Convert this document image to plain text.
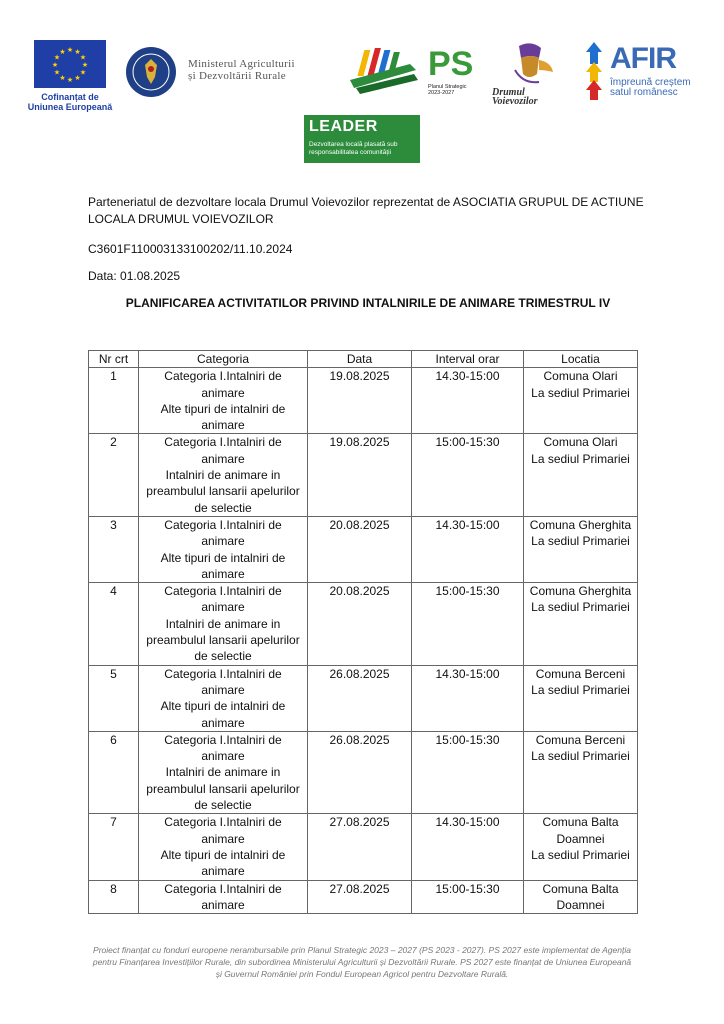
★ ★
★
★
★
★
★
★
★
★
★
★
Cofinanțat de
Uniunea Europeană
Ministerul Agriculturii
și Dezvoltării Rurale	PS
Planul Strategic
2023-2027	Drumul
Voievozilor
AFIR
împreună creștem
satul românesc
LEADER
Dezvoltarea locală plasată sub responsabilitatea comunității
Parteneriatul de dezvoltare locala Drumul Voievozilor reprezentat de ASOCIATIA GRUPUL DE ACTIUNE LOCALA DRUMUL VOIEVOZILOR
C3601F110003133100202/11.10.2024
Data: 01.08.2025
PLANIFICAREA ACTIVITATILOR PRIVIND INTALNIRILE DE ANIMARE TRIMESTRUL IV
Nr crt	Categoria	Data	Interval orar	Locatia
1	Categoria I.Intalniri de animare
Alte tipuri de intalniri de animare	19.08.2025	14.30-15:00	Comuna Olari
La sediul Primariei
2	Categoria I.Intalniri de animare
Intalniri de animare in preambulul lansarii apelurilor de selectie	19.08.2025	15:00-15:30	Comuna Olari
La sediul Primariei
3	Categoria I.Intalniri de animare
Alte tipuri de intalniri de animare	20.08.2025	14.30-15:00	Comuna Gherghita
La sediul Primariei
4	Categoria I.Intalniri de animare
Intalniri de animare in preambulul lansarii apelurilor de selectie	20.08.2025	15:00-15:30	Comuna Gherghita
La sediul Primariei
5	Categoria I.Intalniri de animare
Alte tipuri de intalniri de animare	26.08.2025	14.30-15:00	Comuna Berceni
La sediul Primariei
6	Categoria I.Intalniri de animare
Intalniri de animare in preambulul lansarii apelurilor de selectie	26.08.2025	15:00-15:30	Comuna Berceni
La sediul Primariei
7	Categoria I.Intalniri de animare
Alte tipuri de intalniri de animare	27.08.2025	14.30-15:00	Comuna Balta Doamnei
La sediul Primariei
8	Categoria I.Intalniri de animare	27.08.2025	15:00-15:30	Comuna Balta Doamnei
Proiect finanțat cu fonduri europene nerambursabile prin Planul Strategic 2023 – 2027 (PS 2023 - 2027). PS 2027 este implementat de Agenția pentru Finanțarea Investițiilor Rurale, din subordinea Ministerului Agriculturii și Dezvoltării Rurale. PS 2027 este finanțat de Uniunea Europeană și Guvernul României prin Fondul European Agricol pentru Dezvoltare Rurală.
